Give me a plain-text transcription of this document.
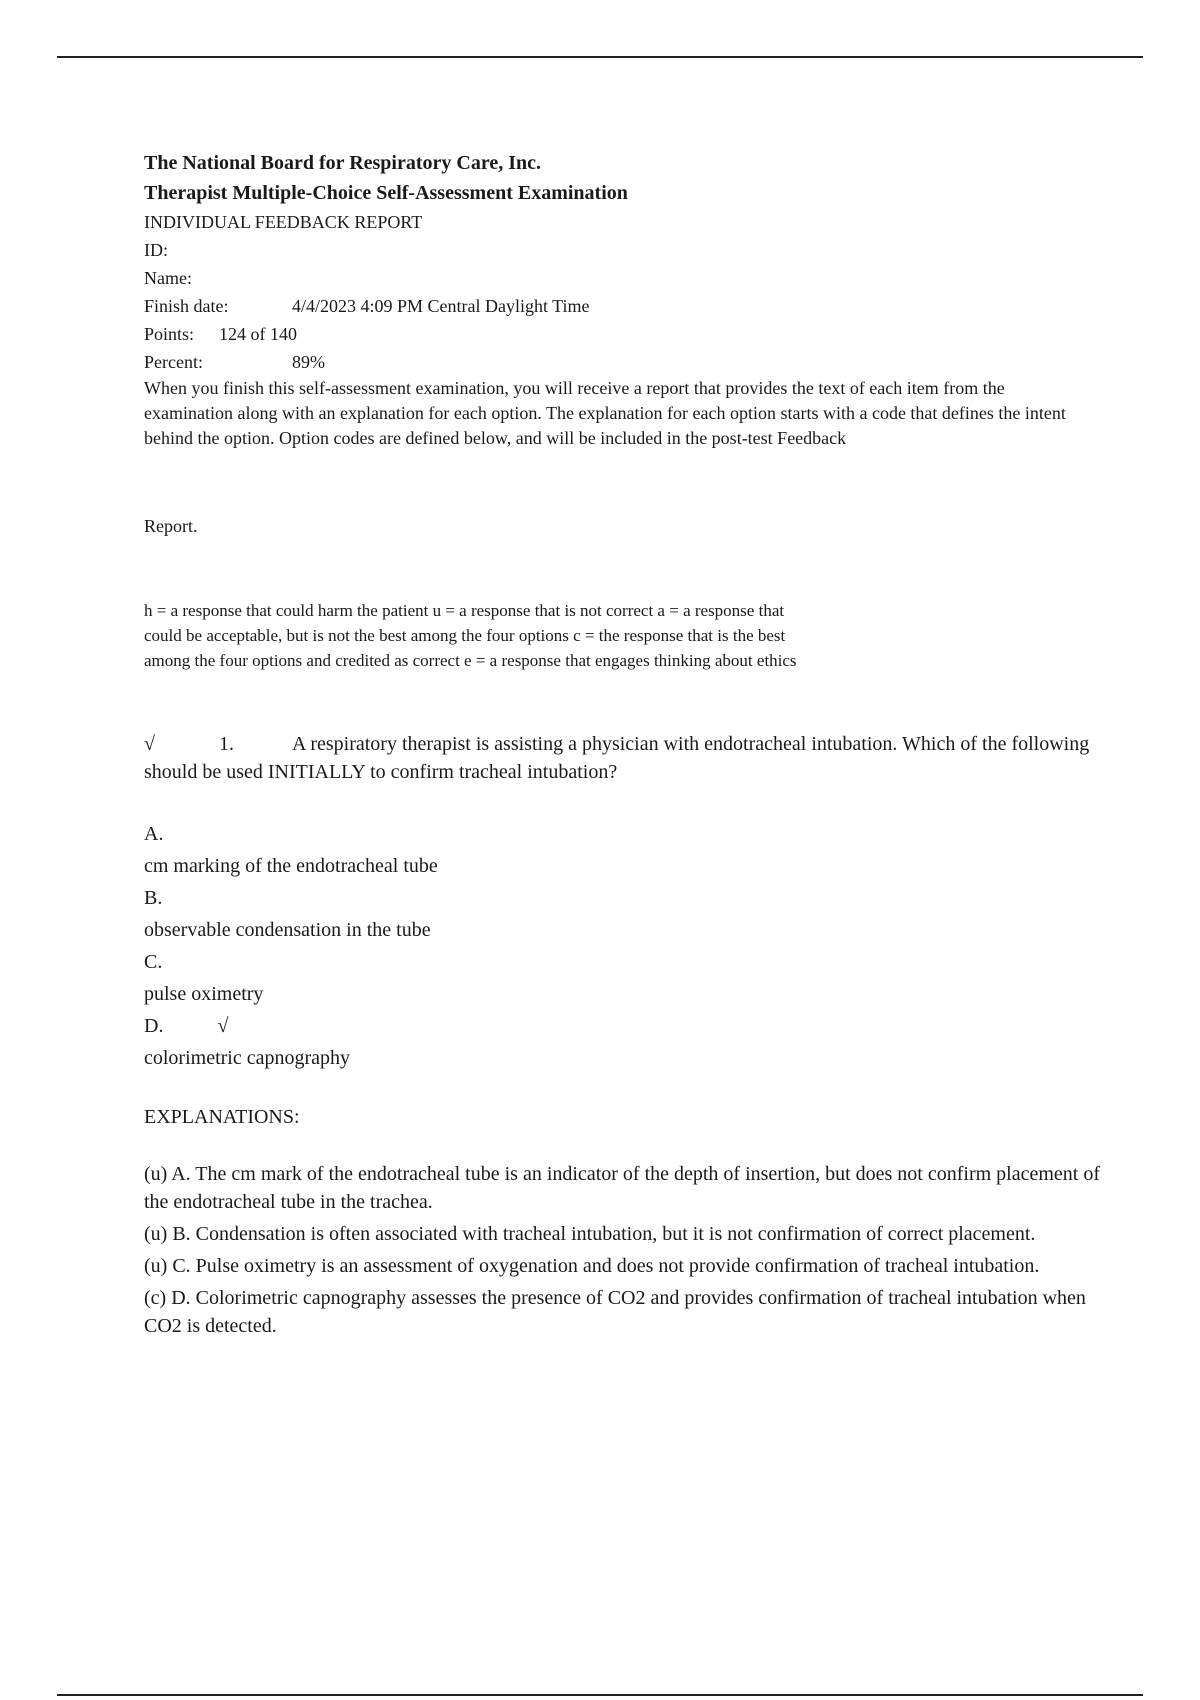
The National Board for Respiratory Care, Inc.

Therapist Multiple-Choice Self-Assessment Examination

INDIVIDUAL FEEDBACK REPORT

ID:

Name:

Finish date:	4/4/2023 4:09 PM Central Daylight Time

Points: 124 of 140

Percent:	89%

When you finish this self-assessment examination, you will receive a report that provides the text of each item from the examination along with an explanation for each option. The explanation for each option starts with a code that defines the intent behind the option. Option codes are defined below, and will be included in the post-test Feedback

Report.

h = a response that could harm the patient u = a response that is not correct a = a response that could be acceptable, but is not the best among the four options c = the response that is the best among the four options and credited as correct e = a response that engages thinking about ethics

√	1.	A respiratory therapist is assisting a physician with endotracheal intubation. Which of the following should be used INITIALLY to confirm tracheal intubation?

A.

cm marking of the endotracheal tube

B.

observable condensation in the tube

C.

pulse oximetry

D.	√

colorimetric capnography

EXPLANATIONS:

(u) A. The cm mark of the endotracheal tube is an indicator of the depth of insertion, but does not confirm placement of the endotracheal tube in the trachea.

(u) B. Condensation is often associated with tracheal intubation, but it is not confirmation of correct placement.

(u) C. Pulse oximetry is an assessment of oxygenation and does not provide confirmation of tracheal intubation.

(c) D. Colorimetric capnography assesses the presence of CO2 and provides confirmation of tracheal intubation when CO2 is detected.
